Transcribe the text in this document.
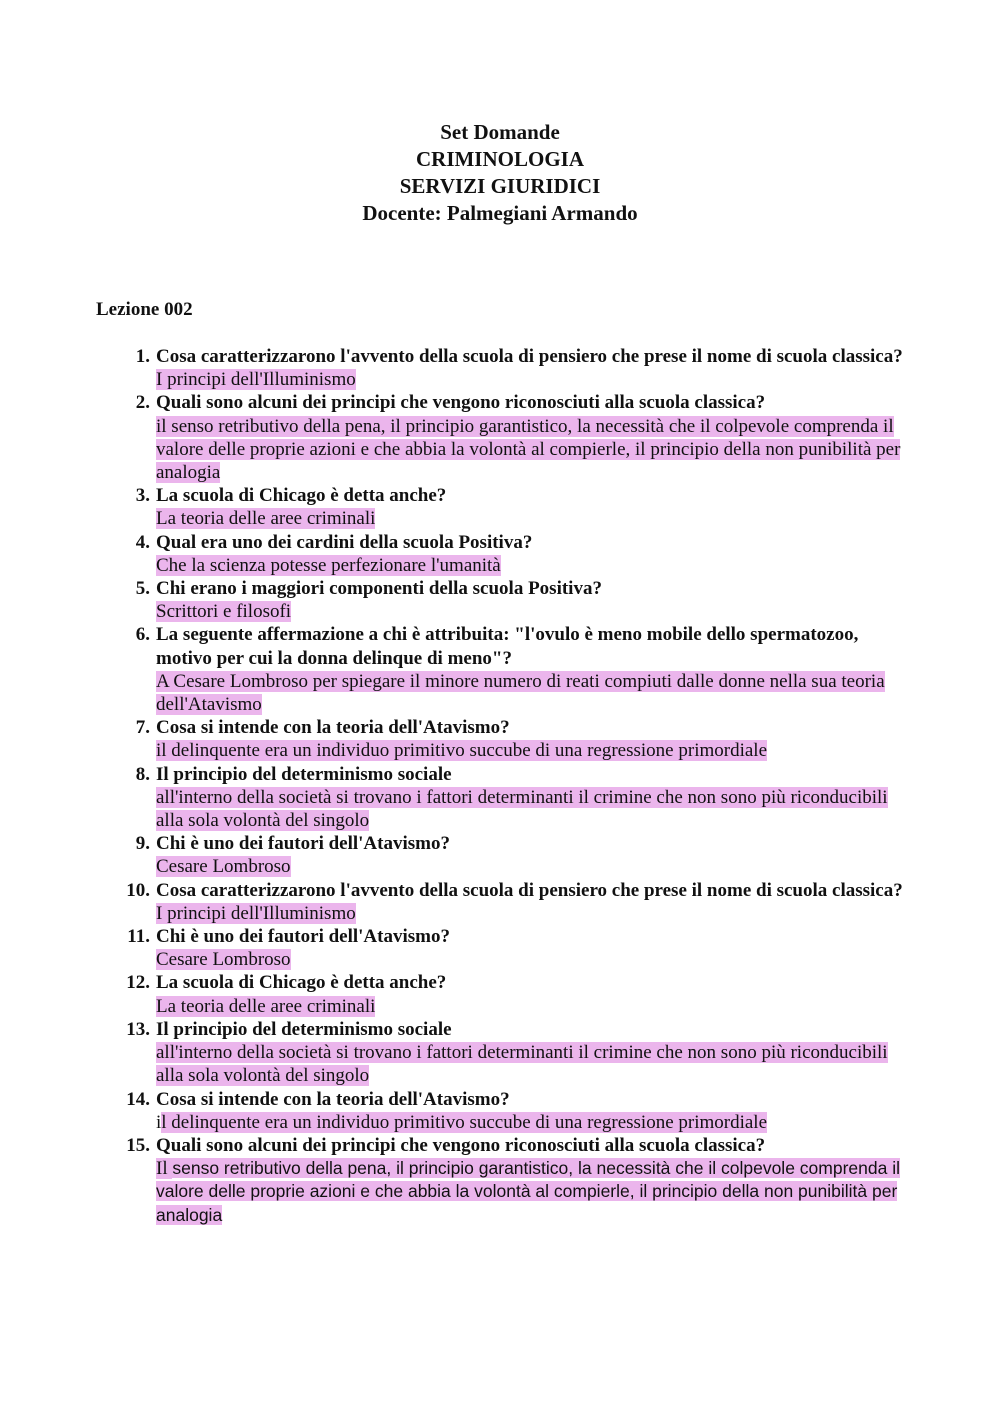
Set Domande
CRIMINOLOGIA
SERVIZI GIURIDICI
Docente: Palmegiani Armando
Lezione 002
1. Cosa caratterizzarono l'avvento della scuola di pensiero che prese il nome di scuola classica?
I principi dell'Illuminismo
2. Quali sono alcuni dei principi che vengono riconosciuti alla scuola classica?
il senso retributivo della pena, il principio garantistico, la necessità che il colpevole comprenda il valore delle proprie azioni e che abbia la volontà al compierle, il principio della non punibilità per analogia
3. La scuola di Chicago è detta anche?
La teoria delle aree criminali
4. Qual era uno dei cardini della scuola Positiva?
Che la scienza potesse perfezionare l'umanità
5. Chi erano i maggiori componenti della scuola Positiva?
Scrittori e filosofi
6. La seguente affermazione a chi è attribuita: "l'ovulo è meno mobile dello spermatozoo, motivo per cui la donna delinque di meno"?
A Cesare Lombroso per spiegare il minore numero di reati compiuti dalle donne nella sua teoria dell'Atavismo
7. Cosa si intende con la teoria dell'Atavismo?
il delinquente era un individuo primitivo succube di una regressione primordiale
8. Il principio del determinismo sociale
all'interno della società si trovano i fattori determinanti il crimine che non sono più riconducibili alla sola volontà del singolo
9. Chi è uno dei fautori dell'Atavismo?
Cesare Lombroso
10. Cosa caratterizzarono l'avvento della scuola di pensiero che prese il nome di scuola classica?
I principi dell'Illuminismo
11. Chi è uno dei fautori dell'Atavismo?
Cesare Lombroso
12. La scuola di Chicago è detta anche?
La teoria delle aree criminali
13. Il principio del determinismo sociale
all'interno della società si trovano i fattori determinanti il crimine che non sono più riconducibili alla sola volontà del singolo
14. Cosa si intende con la teoria dell'Atavismo?
il delinquente era un individuo primitivo succube di una regressione primordiale
15. Quali sono alcuni dei principi che vengono riconosciuti alla scuola classica?
Il senso retributivo della pena, il principio garantistico, la necessità che il colpevole comprenda il valore delle proprie azioni e che abbia la volontà al compierle, il principio della non punibilità per analogia
